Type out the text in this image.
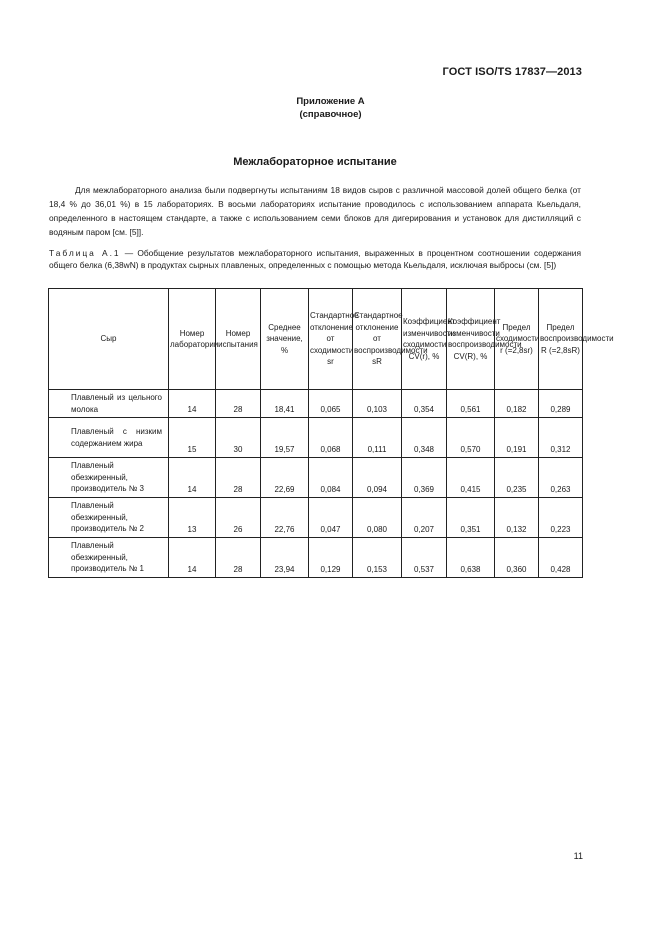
ГОСТ ISO/TS 17837—2013
Приложение А
(справочное)
Межлабораторное испытание

Для межлабораторного анализа были подвергнуты испытаниям 18 видов сыров с различной массовой долей общего белка (от 18,4 % до 36,01 %) в 15 лабораториях. В восьми лабораториях испытание проводилось с использованием аппарата Кьельдаля, определенного в настоящем стандарте, а также с использованием семи блоков для дигерирования и установок для дистилляций с водяным паром [см. [5]].

Таблица А.1 — Обобщение результатов межлабораторного испытания, выраженных в процентном соотношении содержания общего белка (6,38wN) в продуктах сырных плавленых, определенных с помощью метода Кьельдаля, исключая выбросы (см. [5])
Сыр	Номер лаборатории	Номер испытания	Среднее значение, %	Стандартное отклонение от сходимости sr	Стандартное отклонение от воспроизводимости sR	Коэффициент изменчивости сходимости CV(r), %	Коэффициент изменчивости воспроизводимости CV(R), %	Предел сходимости r (=2,8sr)	Предел воспроизводимости R (=2,8sR)
Плавленый из цельного молока	14	28	18,41	0,065	0,103	0,354	0,561	0,182	0,289
Плавленый с низким содержанием жира	15	30	19,57	0,068	0,111	0,348	0,570	0,191	0,312
Плавленый обезжиренный, производитель № 3	14	28	22,69	0,084	0,094	0,369	0,415	0,235	0,263
Плавленый обезжиренный, производитель № 2	13	26	22,76	0,047	0,080	0,207	0,351	0,132	0,223
Плавленый обезжиренный, производитель № 1	14	28	23,94	0,129	0,153	0,537	0,638	0,360	0,428
11
